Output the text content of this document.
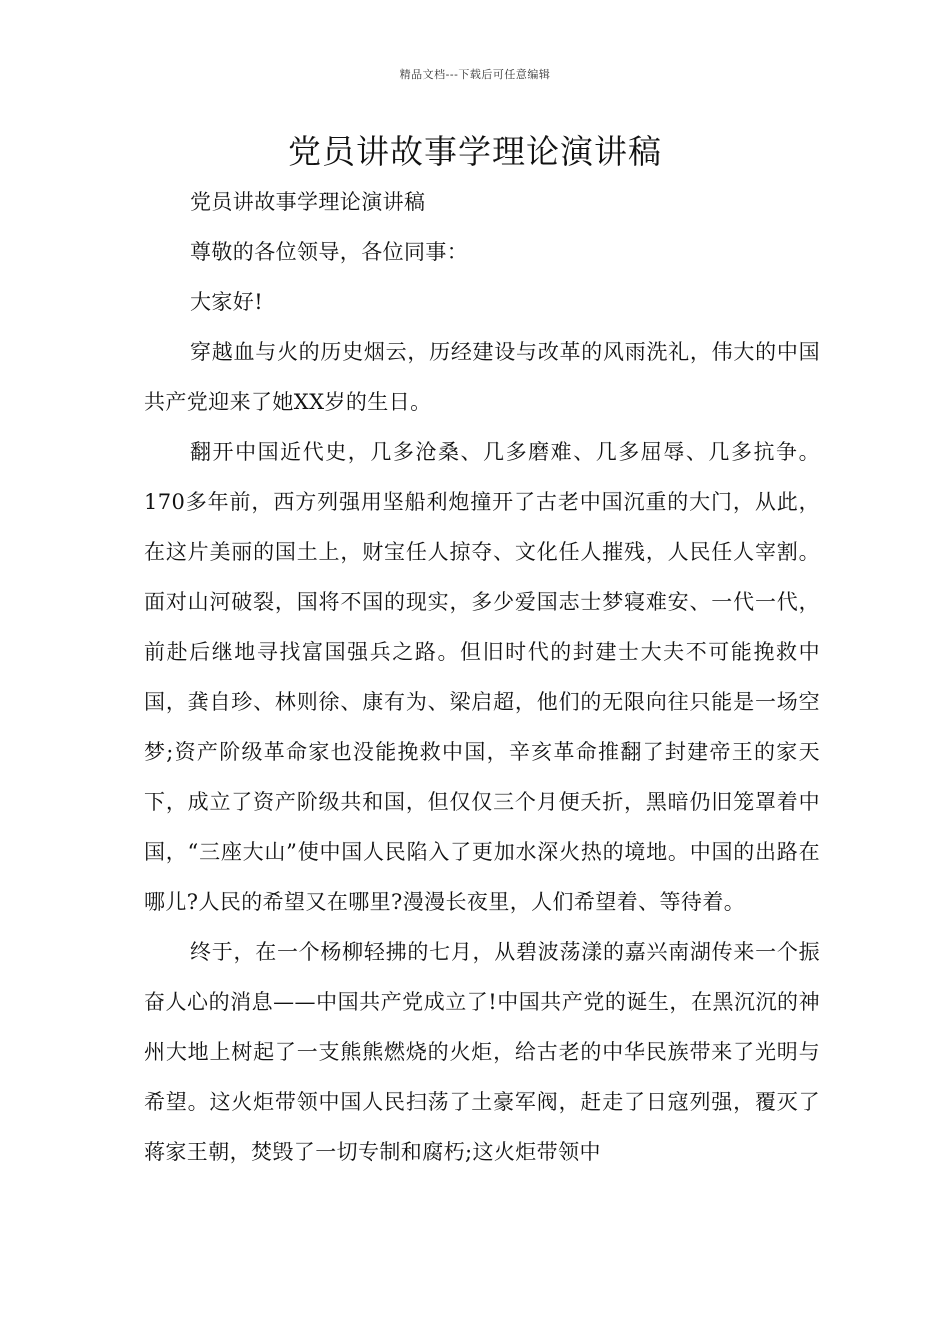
精品文档---下载后可任意编辑
党员讲故事学理论演讲稿

党员讲故事学理论演讲稿

尊敬的各位领导，各位同事：

大家好!

穿越血与火的历史烟云，历经建设与改革的风雨洗礼，伟大的中国共产党迎来了她XX岁的生日。

翻开中国近代史，几多沧桑、几多磨难、几多屈辱、几多抗争。170多年前，西方列强用坚船利炮撞开了古老中国沉重的大门，从此，在这片美丽的国土上，财宝任人掠夺、文化任人摧残，人民任人宰割。面对山河破裂，国将不国的现实，多少爱国志士梦寝难安、一代一代，前赴后继地寻找富国强兵之路。但旧时代的封建士大夫不可能挽救中国，龚自珍、林则徐、康有为、梁启超，他们的无限向往只能是一场空梦;资产阶级革命家也没能挽救中国，辛亥革命推翻了封建帝王的家天下，成立了资产阶级共和国，但仅仅三个月便夭折，黑暗仍旧笼罩着中国，“三座大山”使中国人民陷入了更加水深火热的境地。中国的出路在哪儿?人民的希望又在哪里?漫漫长夜里，人们希望着、等待着。

终于，在一个杨柳轻拂的七月，从碧波荡漾的嘉兴南湖传来一个振奋人心的消息——中国共产党成立了!中国共产党的诞生，在黑沉沉的神州大地上树起了一支熊熊燃烧的火炬，给古老的中华民族带来了光明与希望。这火炬带领中国人民扫荡了土豪军阀，赶走了日寇列强，覆灭了蒋家王朝，焚毁了一切专制和腐朽;这火炬带领中
